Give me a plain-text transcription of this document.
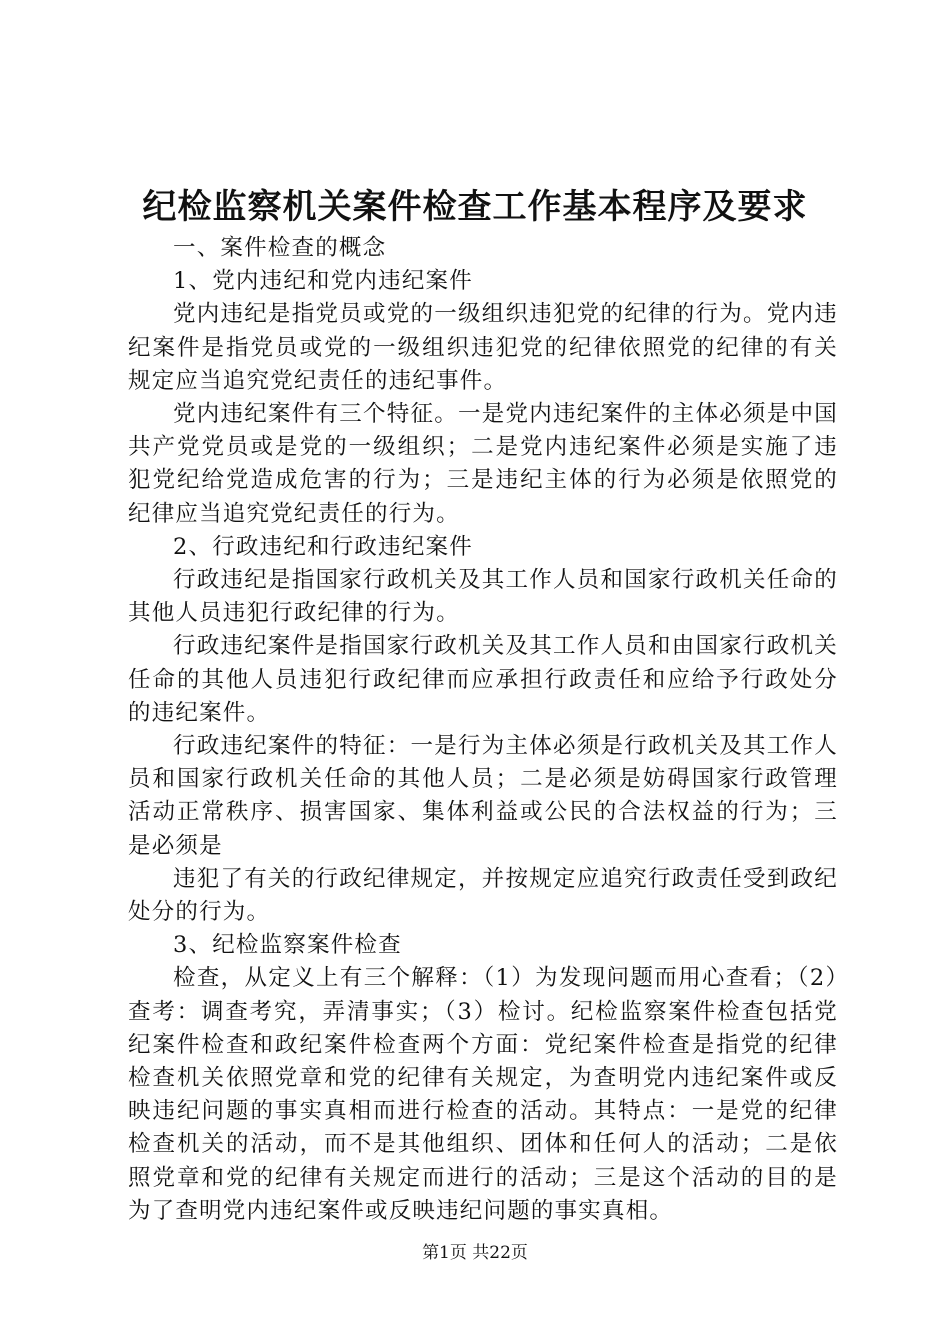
纪检监察机关案件检查工作基本程序及要求

一、案件检查的概念

1、党内违纪和党内违纪案件

党内违纪是指党员或党的一级组织违犯党的纪律的行为。党内违纪案件是指党员或党的一级组织违犯党的纪律依照党的纪律的有关规定应当追究党纪责任的违纪事件。

党内违纪案件有三个特征。一是党内违纪案件的主体必须是中国共产党党员或是党的一级组织；二是党内违纪案件必须是实施了违犯党纪给党造成危害的行为；三是违纪主体的行为必须是依照党的纪律应当追究党纪责任的行为。

2、行政违纪和行政违纪案件

行政违纪是指国家行政机关及其工作人员和国家行政机关任命的其他人员违犯行政纪律的行为。

行政违纪案件是指国家行政机关及其工作人员和由国家行政机关任命的其他人员违犯行政纪律而应承担行政责任和应给予行政处分的违纪案件。

行政违纪案件的特征：一是行为主体必须是行政机关及其工作人员和国家行政机关任命的其他人员；二是必须是妨碍国家行政管理活动正常秩序、损害国家、集体利益或公民的合法权益的行为；三是必须是

违犯了有关的行政纪律规定，并按规定应追究行政责任受到政纪处分的行为。

3、纪检监察案件检查

检查，从定义上有三个解释：（1）为发现问题而用心查看；（2）查考：调查考究，弄清事实；（3）检讨。纪检监察案件检查包括党纪案件检查和政纪案件检查两个方面：党纪案件检查是指党的纪律检查机关依照党章和党的纪律有关规定，为查明党内违纪案件或反映违纪问题的事实真相而进行检查的活动。其特点：一是党的纪律检查机关的活动，而不是其他组织、团体和任何人的活动；二是依照党章和党的纪律有关规定而进行的活动；三是这个活动的目的是为了查明党内违纪案件或反映违纪问题的事实真相。

第1页 共22页
